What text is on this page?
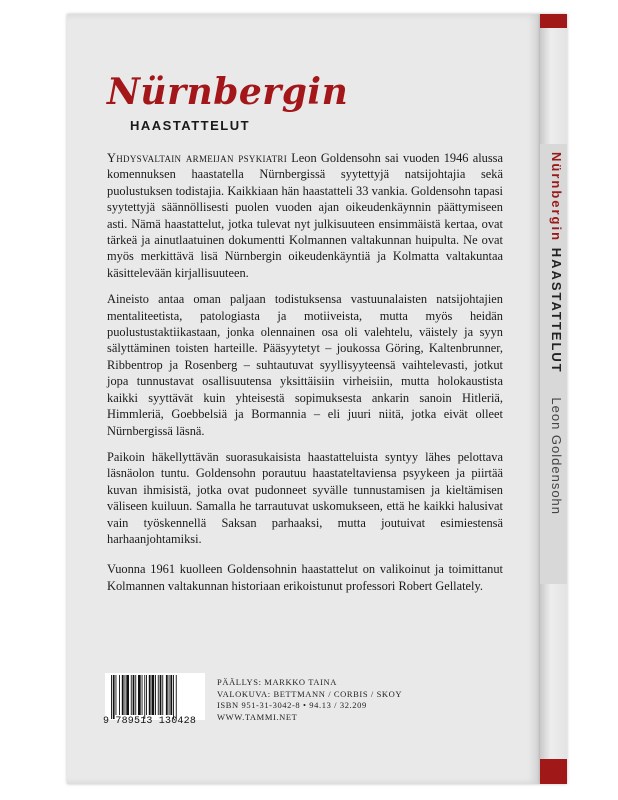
Nürnbergin
HAASTATTELUT

Yhdysvaltain armeijan psykiatri Leon Goldensohn sai vuoden 1946 alussa komennuksen haastatella Nürnbergissä syytettyjä natsijohtajia sekä puolustuksen todistajia. Kaikkiaan hän haastatteli 33 vankia. Goldensohn tapasi syytettyjä säännöllisesti puolen vuoden ajan oikeudenkäynnin päättymiseen asti. Nämä haastattelut, jotka tulevat nyt julkisuuteen ensimmäistä kertaa, ovat tärkeä ja ainutlaatuinen dokumentti Kolmannen valtakunnan huipulta. Ne ovat myös merkittävä lisä Nürnbergin oikeudenkäyntiä ja Kolmatta valtakuntaa käsittelevään kirjallisuuteen.

Aineisto antaa oman paljaan todistuksensa vastuunalaisten natsijohtajien mentaliteetista, patologiasta ja motiiveista, mutta myös heidän puolustustaktiikastaan, jonka olennainen osa oli valehtelu, väistely ja syyn sälyttäminen toisten harteille. Pääsyytetyt – joukossa Göring, Kaltenbrunner, Ribbentrop ja Rosenberg – suhtautuvat syyllisyyteensä vaihtelevasti, jotkut jopa tunnustavat osallisuutensa yksittäisiin virheisiin, mutta holokaustista kaikki syyttävät kuin yhteisestä sopimuksesta ankarin sanoin Hitleriä, Himmleriä, Goebbelsiä ja Bormannia – eli juuri niitä, jotka eivät olleet Nürnbergissä läsnä.

Paikoin häkellyttävän suorasukaisista haastatteluista syntyy lähes pelottava läsnäolon tuntu. Goldensohn porautuu haastateltaviensa psyykeen ja piirtää kuvan ihmisistä, jotka ovat pudonneet syvälle tunnustamisen ja kieltämisen väliseen kuiluun. Samalla he tarrautuvat uskomukseen, että he kaikki halusivat vain työskennellä Saksan parhaaksi, mutta joutuivat esimiestensä harhaanjohtamiksi.

Vuonna 1961 kuolleen Goldensohnin haastattelut on valikoinut ja toimittanut Kolmannen valtakunnan historiaan erikoistunut professori Robert Gellately.

9 789513 130428
PÄÄLLYS: MARKKO TAINA
VALOKUVA: BETTMANN / CORBIS / SKOY
ISBN 951-31-3042-8 • 94.13 / 32.209
WWW.TAMMI.NET
Nürnbergin HAASTATTELUT Leon Goldensohn
